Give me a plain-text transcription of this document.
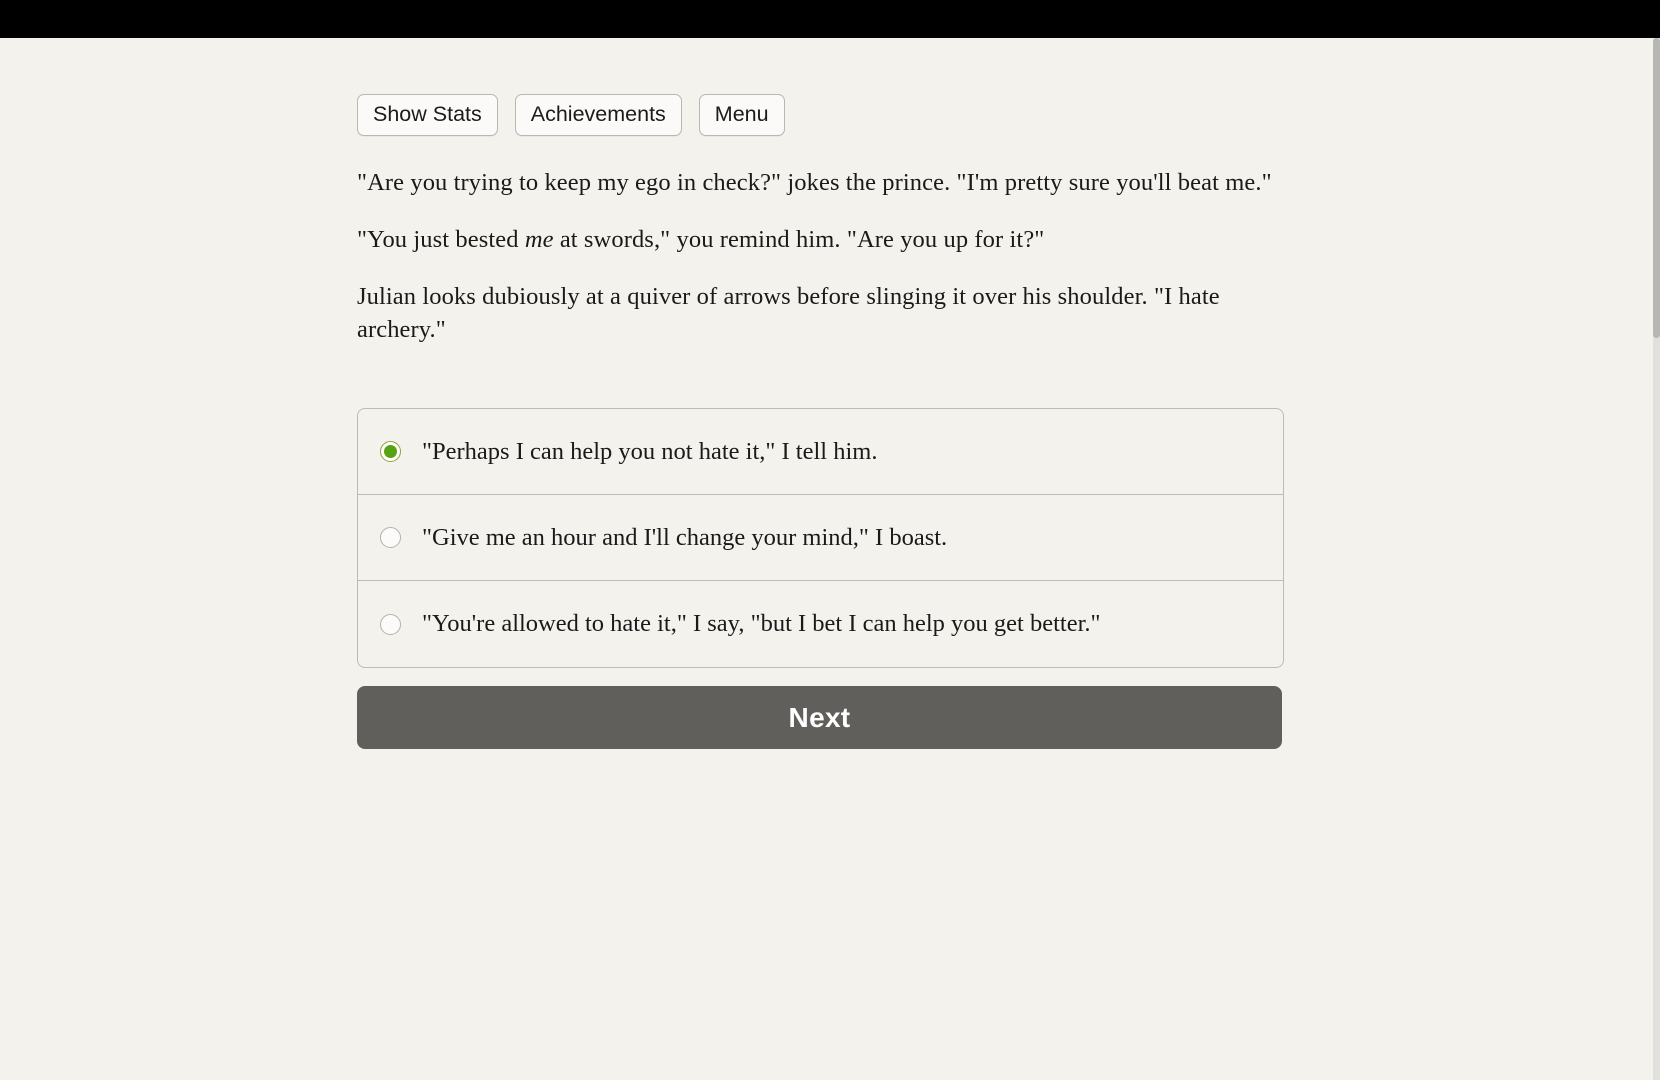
Show Stats	Achievements	Menu

"Are you trying to keep my ego in check?" jokes the prince. "I'm pretty sure you'll beat me."

"You just bested me at swords," you remind him. "Are you up for it?"

Julian looks dubiously at a quiver of arrows before slinging it over his shoulder. "I hate archery."

"Perhaps I can help you not hate it," I tell him.
"Give me an hour and I'll change your mind," I boast.
"You're allowed to hate it," I say, "but I bet I can help you get better."
Next
